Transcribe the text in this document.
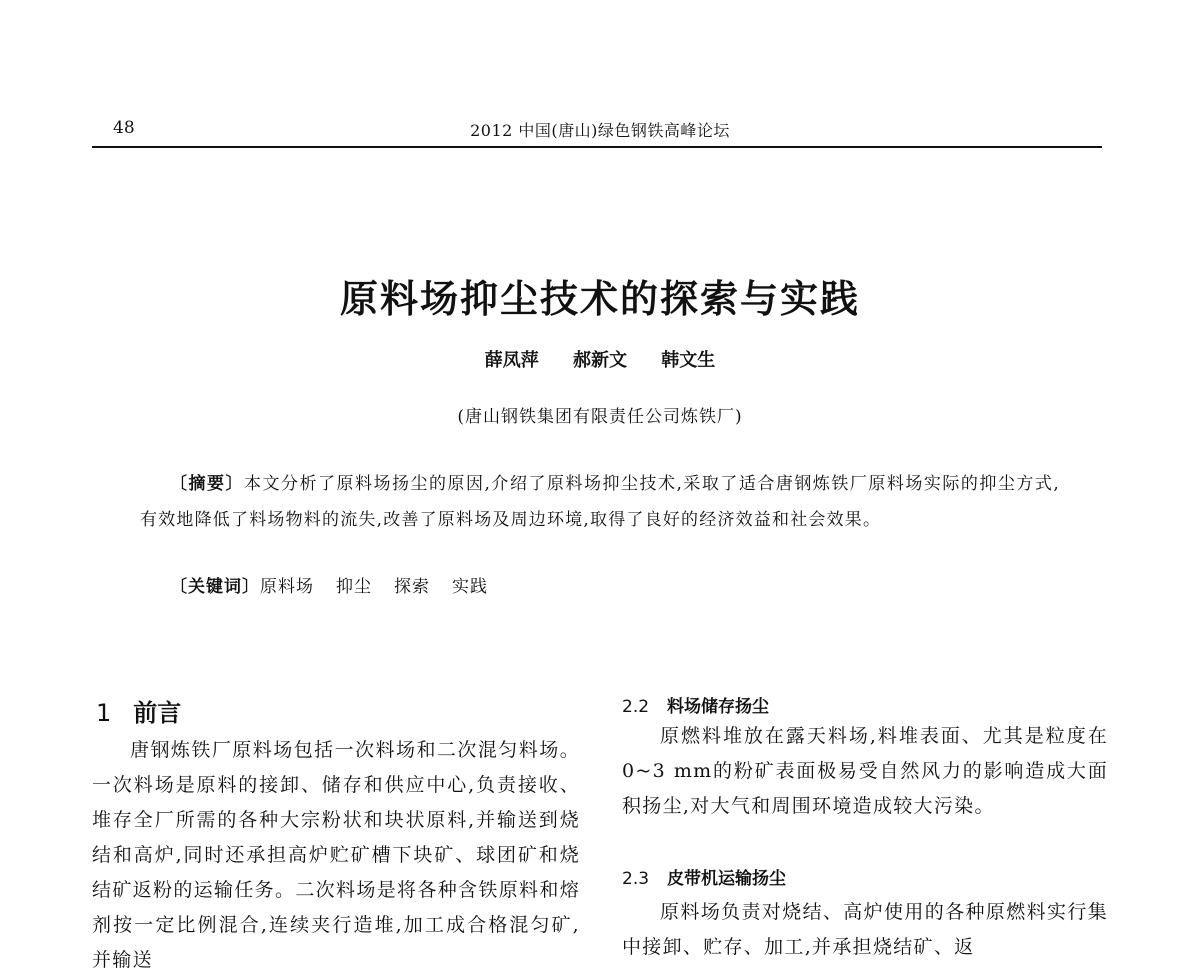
48	2012 中国(唐山)绿色钢铁高峰论坛
原料场抑尘技术的探索与实践
薛凤萍 郝新文 韩文生
(唐山钢铁集团有限责任公司炼铁厂)
〔摘要〕本文分析了原料场扬尘的原因,介绍了原料场抑尘技术,采取了适合唐钢炼铁厂原料场实际的抑尘方式,有效地降低了料场物料的流失,改善了原料场及周边环境,取得了良好的经济效益和社会效果。
〔关键词〕原料场 抑尘 探索 实践
1 前言

唐钢炼铁厂原料场包括一次料场和二次混匀料场。一次料场是原料的接卸、储存和供应中心,负责接收、堆存全厂所需的各种大宗粉状和块状原料,并输送到烧结和高炉,同时还承担高炉贮矿槽下块矿、球团矿和烧结矿返粉的运输任务。二次料场是将各种含铁原料和熔剂按一定比例混合,连续夹行造堆,加工成合格混匀矿,并输送

2.2 料场储存扬尘

原燃料堆放在露天料场,料堆表面、尤其是粒度在0~3 mm的粉矿表面极易受自然风力的影响造成大面积扬尘,对大气和周围环境造成较大污染。

2.3 皮带机运输扬尘

原料场负责对烧结、高炉使用的各种原燃料实行集中接卸、贮存、加工,并承担烧结矿、返
